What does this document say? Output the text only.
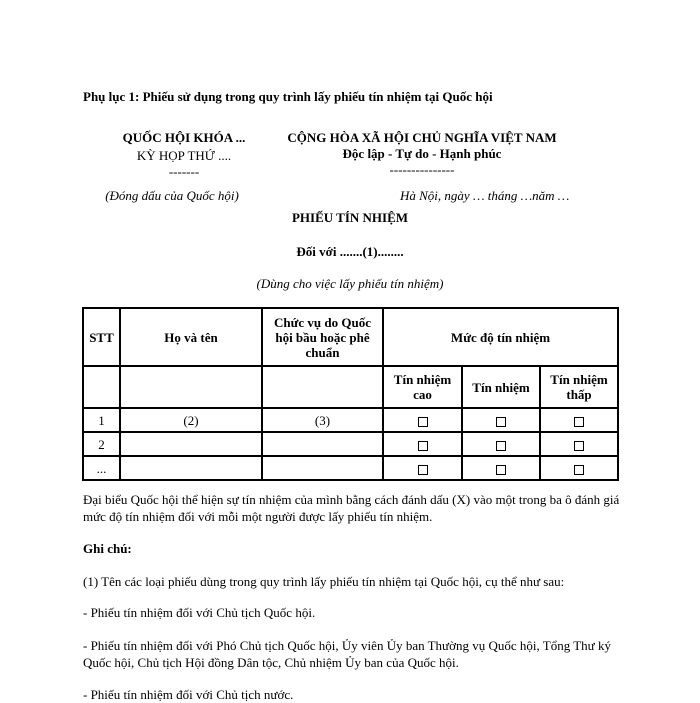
Phụ lục 1: Phiếu sử dụng trong quy trình lấy phiếu tín nhiệm tại Quốc hội
QUỐC HỘI KHÓA ...
KỲ HỌP THỨ ....
-------
(Đóng dấu của Quốc hội)
CỘNG HÒA XÃ HỘI CHỦ NGHĨA VIỆT NAM
Độc lập - Tự do - Hạnh phúc
---------------
Hà Nội, ngày … tháng …năm …
PHIẾU TÍN NHIỆM
Đối với .......(1)........
(Dùng cho việc lấy phiếu tín nhiệm)
STT	Họ và tên	Chức vụ do Quốc hội bầu hoặc phê chuẩn	Mức độ tín nhiệm		
			Tín nhiệm cao	Tín nhiệm	Tín nhiệm thấp
1	(2)	(3)			
2					
...					
Đại biểu Quốc hội thể hiện sự tín nhiệm của mình bằng cách đánh dấu (X) vào một trong ba ô đánh giá mức độ tín nhiệm đối với mỗi một người được lấy phiếu tín nhiệm.
Ghi chú:
(1) Tên các loại phiếu dùng trong quy trình lấy phiếu tín nhiệm tại Quốc hội, cụ thể như sau:
- Phiếu tín nhiệm đối với Chủ tịch Quốc hội.
- Phiếu tín nhiệm đối với Phó Chủ tịch Quốc hội, Ủy viên Ủy ban Thường vụ Quốc hội, Tổng Thư ký Quốc hội, Chủ tịch Hội đồng Dân tộc, Chủ nhiệm Ủy ban của Quốc hội.
- Phiếu tín nhiệm đối với Chủ tịch nước.
